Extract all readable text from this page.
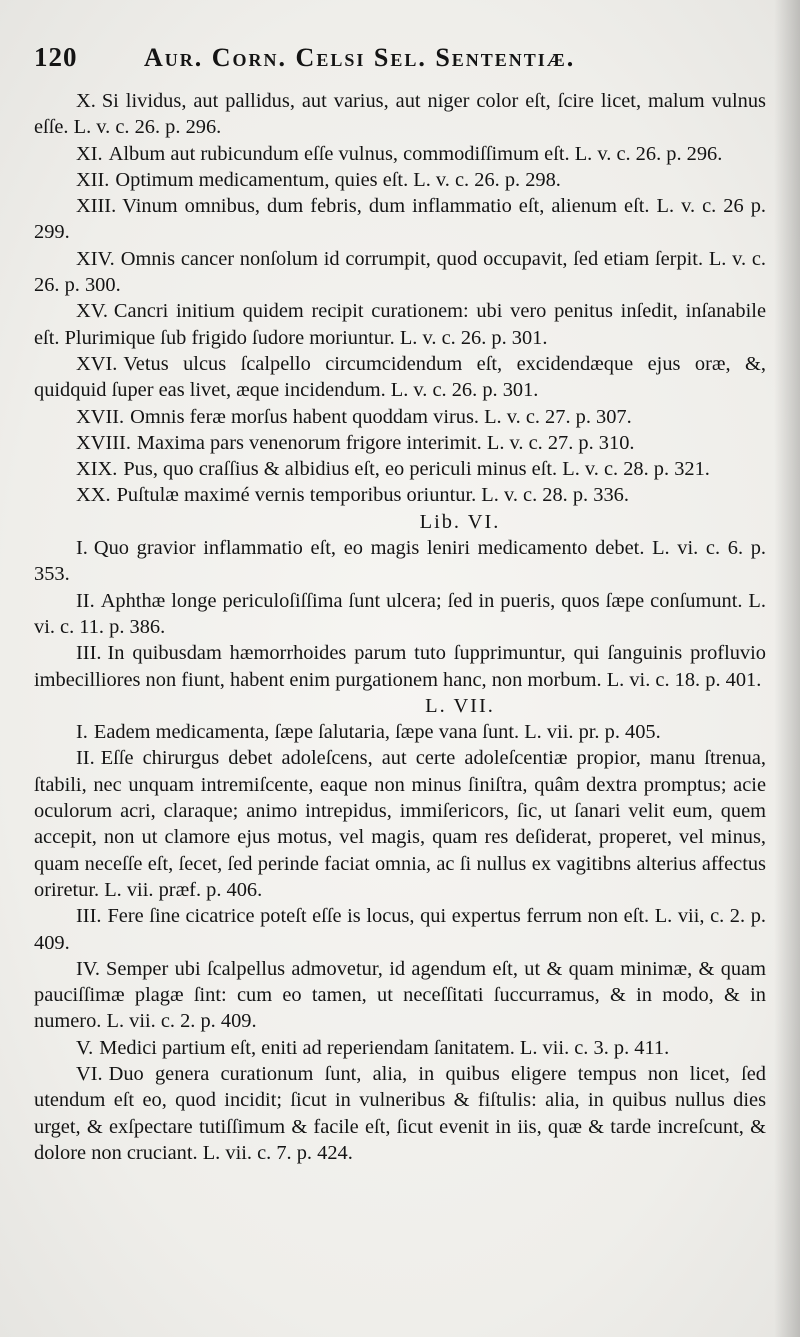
120	Aur. Corn. Celsi Sel. Sententiæ.

X. Si lividus, aut pallidus, aut varius, aut niger color eſt, ſcire licet, malum vulnus eſſe. L. v. c. 26. p. 296.

XI. Album aut rubicundum eſſe vulnus, commodiſſimum eſt. L. v. c. 26. p. 296.

XII. Optimum medicamentum, quies eſt. L. v. c. 26. p. 298.

XIII. Vinum omnibus, dum febris, dum inflammatio eſt, alienum eſt. L. v. c. 26 p. 299.

XIV. Omnis cancer nonſolum id corrumpit, quod occupavit, ſed etiam ſerpit. L. v. c. 26. p. 300.

XV. Cancri initium quidem recipit curationem: ubi vero penitus inſedit, inſanabile eſt. Plurimique ſub frigido ſudore moriuntur. L. v. c. 26. p. 301.

XVI. Vetus ulcus ſcalpello circumcidendum eſt, excidendæque ejus oræ, &, quidquid ſuper eas livet, æque incidendum. L. v. c. 26. p. 301.

XVII. Omnis feræ morſus habent quoddam virus. L. v. c. 27. p. 307.

XVIII. Maxima pars venenorum frigore interimit. L. v. c. 27. p. 310.

XIX. Pus, quo craſſius & albidius eſt, eo periculi minus eſt. L. v. c. 28. p. 321.

XX. Puſtulæ maximé vernis temporibus oriuntur. L. v. c. 28. p. 336.

Lib. VI.

I. Quo gravior inflammatio eſt, eo magis leniri medicamento debet. L. vi. c. 6. p. 353.

II. Aphthæ longe periculoſiſſima ſunt ulcera; ſed in pueris, quos ſæpe conſumunt. L. vi. c. 11. p. 386.

III. In quibusdam hæmorrhoides parum tuto ſupprimuntur, qui ſanguinis profluvio imbecilliores non fiunt, habent enim purgationem hanc, non morbum. L. vi. c. 18. p. 401.

L. VII.

I. Eadem medicamenta, ſæpe ſalutaria, ſæpe vana ſunt. L. vii. pr. p. 405.

II. Eſſe chirurgus debet adoleſcens, aut certe adoleſcentiæ propior, manu ſtrenua, ſtabili, nec unquam intremiſcente, eaque non minus ſiniſtra, quâm dextra promptus; acie oculorum acri, claraque; animo intrepidus, immiſericors, ſic, ut ſanari velit eum, quem accepit, non ut clamore ejus motus, vel magis, quam res deſiderat, properet, vel minus, quam neceſſe eſt, ſecet, ſed perinde faciat omnia, ac ſi nullus ex vagitibns alterius affectus oriretur. L. vii. præf. p. 406.

III. Fere ſine cicatrice poteſt eſſe is locus, qui expertus ferrum non eſt. L. vii, c. 2. p. 409.

IV. Semper ubi ſcalpellus admovetur, id agendum eſt, ut & quam minimæ, & quam pauciſſimæ plagæ ſint: cum eo tamen, ut neceſſitati ſuccurramus, & in modo, & in numero. L. vii. c. 2. p. 409.

V. Medici partium eſt, eniti ad reperiendam ſanitatem. L. vii. c. 3. p. 411.

VI. Duo genera curationum ſunt, alia, in quibus eligere tempus non licet, ſed utendum eſt eo, quod incidit; ſicut in vulneribus & fiſtulis: alia, in quibus nullus dies urget, & exſpectare tutiſſimum & facile eſt, ſicut evenit in iis, quæ & tarde increſcunt, & dolore non cruciant. L. vii. c. 7. p. 424.
